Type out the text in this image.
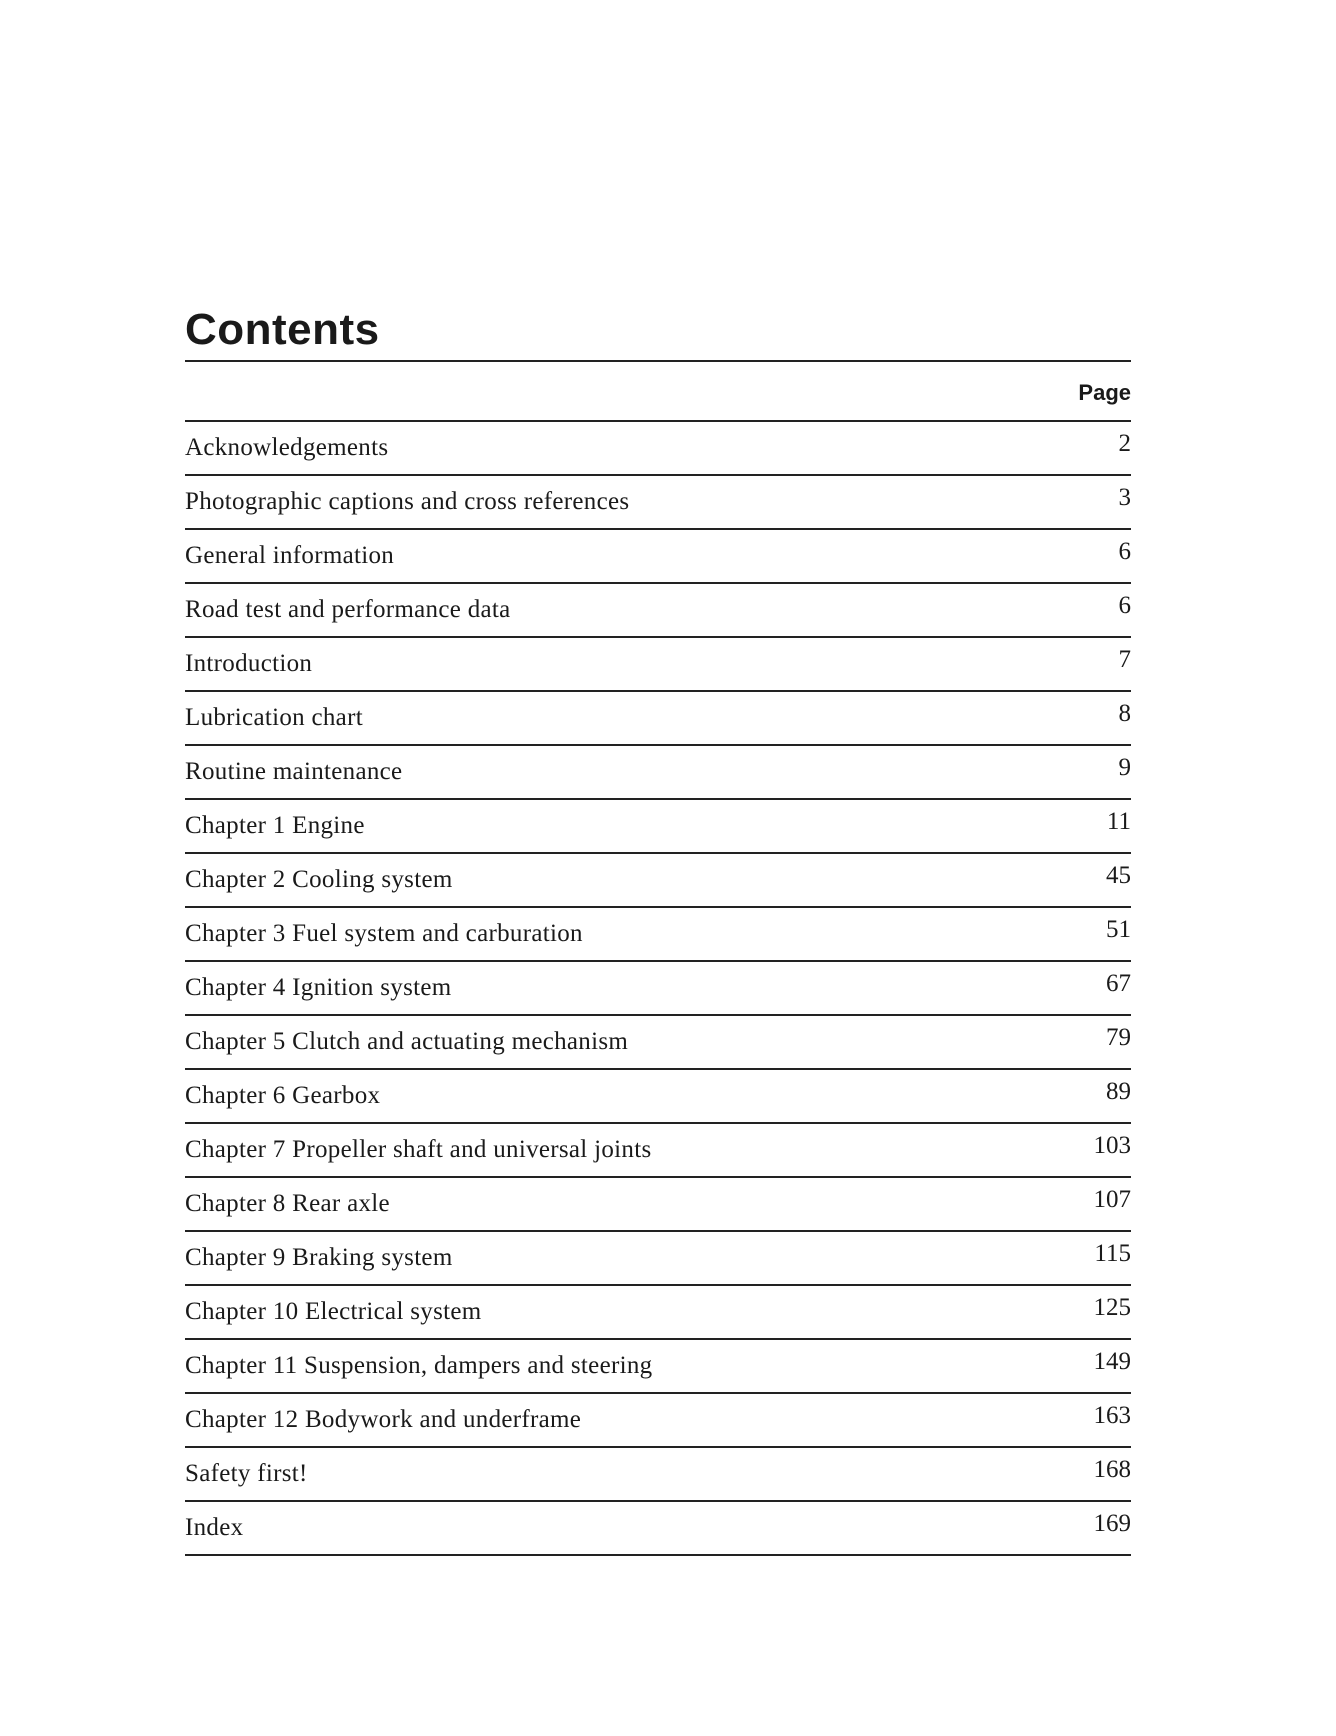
Contents
Page
Acknowledgements	2
Photographic captions and cross references	3
General information	6
Road test and performance data	6
Introduction	7
Lubrication chart	8
Routine maintenance	9
Chapter 1 Engine	11
Chapter 2 Cooling system	45
Chapter 3 Fuel system and carburation	51
Chapter 4 Ignition system	67
Chapter 5 Clutch and actuating mechanism	79
Chapter 6 Gearbox	89
Chapter 7 Propeller shaft and universal joints	103
Chapter 8 Rear axle	107
Chapter 9 Braking system	115
Chapter 10 Electrical system	125
Chapter 11 Suspension, dampers and steering	149
Chapter 12 Bodywork and underframe	163
Safety first!	168
Index	169
